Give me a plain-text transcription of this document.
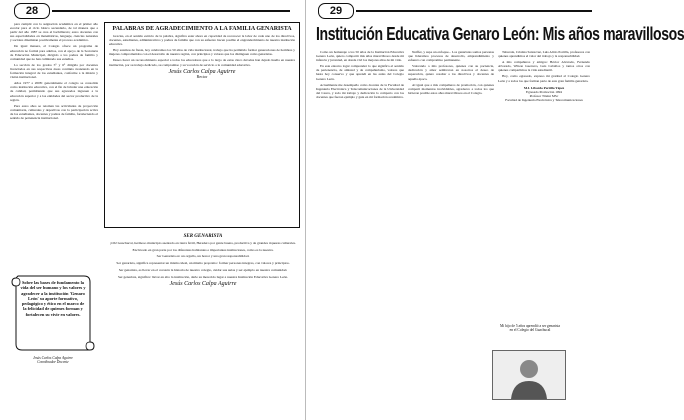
28

para cumplir con la asignación académica en el primer año escolar para el ciclo básico secundario, de tal manera que a partir del año 1987 se crea el bachillerato; estos docentes con sus especialidades en matemáticas, lenguaje, ciencias naturales y sociales dinamizan positivamente el proceso académico.

De igual manera, el Colegio ofrece un programa de educación no formal para adultos, con el apoyo de la Secretaría de Educación Municipal, dirigido a los padres de familia y comunidad que no han culminado sus estudios.

La sección de los grados 5° y 6° dirigida por docentes licenciados en sus respectivas áreas continúa avanzando en la formación integral de los estudiantes, conforme a la misión y visión institucional.

Años 1977 a 2008: generalmente el colegio se consolida como institución educativa, con el fin de brindar una educación de calidad, permitiendo que sus egresados ingresen a la educación superior y a las entidades del sector productivo de la región.

Para estos años se retoman las actividades de proyección comunitaria, culturales y deportivas con la participación activa de los estudiantes, docentes y padres de familia, fortaleciendo el sentido de pertenencia institucional.

Sobre las bases de fundamento la vida del ser humano y los valores y agradecer a la institución 'Genaro León' su aporte formativo, pedagógico y ético en el marco de la felicidad de quienes forman y fortalecen su vivir en valores.
Jesús Carlos Calpa Aguirre
Coordinador Docente
PALABRAS DE AGRADECIMIENTO A LA FAMILIA GENARISTA

Gracias, en el sentido estricto de la palabra, significa estar ahora en capacidad de reconocer la labor de cada uno de los directivos, docentes, estudiantes, administrativos y padres de familia que con su esfuerzo hacen posible el engrandecimiento de nuestra institución educativa.

Hoy estamos de fiesta, hoy celebramos los 50 años de vida institucional, trabajo que ha permitido formar generaciones de hombres y mujeres comprometidos con el desarrollo de nuestra región, con principios y valores que los distinguen como genaristas.

Deseo hacer un reconocimiento especial a todos los educadores que a lo largo de estas cinco décadas han dejado huella en nuestra institución, por su trabajo dedicado, su compromiso y su vocación de servicio a la comunidad educativa.

Jesús Carlos Calpa Aguirre
Rector
SER GENARISTA

¡Oh! Guachucal, hermoso municipio asentado en tierra fértil, Heredero por gente buena, productiva y de grandes riquezas culturales.

Enclavado en gran parte por los diferentes habitantes e importantes instituciones, como es la nuestra.

Ser Genarista es: un orgullo, un honor y una gran responsabilidad.

Ser genarista, significa representar un mismo ideal, un mismo propósito: formar personas íntegras, con valores y principios.

Ser genarista, es llevar en el corazón la historia de nuestro colegio, cuidar sus aulas y ser ejemplo en nuestra comunidad.

Ser genarista, significa: llevar en alto la institución, darle su merecido lugar a nuestra Institución Educativa Genaro León.

Jesús Carlos Calpa Aguirre
29
Institución Educativa Genaro León: Mis años maravillosos

Como un homenaje a los 50 años de la Institución Educativa Genaro León, quiero compartir mis años maravillosos desde mi infancia y juventud, en donde viví los mejores años de mi vida.

En este entorno logré comprender lo que significa el sentido de pertenencia, de amistad y de compañerismo, valores que hasta hoy conservo y que aprendí en las aulas del Colegio Genaro León.

Actualmente me desempeño como docente de la Facultad de Ingeniería Electrónica y Telecomunicaciones de la Universidad del Cauca, y todo mi trabajo y dedicación lo comparto con los docentes que fueron ejemplo y guía en mi formación académica.

Neiffer, y supe un enfoque... Los genaristas somos personas que lideramos procesos de desarrollo, emprendimiento y esfuerzo con compromiso permanente.

Valorando a mis profesores, quienes con su paciencia, dedicación y amor sembraron en nosotros el deseo de superación, quiero resaltar a los directivos y docentes de aquella época.

Al igual que a mis compañeros de promoción, con quienes compartí momentos inolvidables, agradezco a todos los que hicieron posible estos años maravillosos en el Colegio.

Tabucala, Cristina Santacruz, Luis Alirio Portilla, profesores con quienes aprendimos el valor del trabajo y la responsabilidad.

A mis compañeros y amigos: Héctor Alvarado, Fernando Alvarado, Wilson Guerrero, Luis Ceballos y tantos otros con quienes compartimos la vida estudiantil.

Hoy, como egresado, expreso mi gratitud al Colegio Genaro León y a todos los que forman parte de esta gran familia genarista.

M.I. Libardo Portilla Yépez
Egresado Promoción 1994
Profesor Titular MSc
Facultad de Ingeniería Electrónica y Telecomunicaciones
Mi hijo de 5 años aprendió a ser genarista
en el Colegio del Guachucal
